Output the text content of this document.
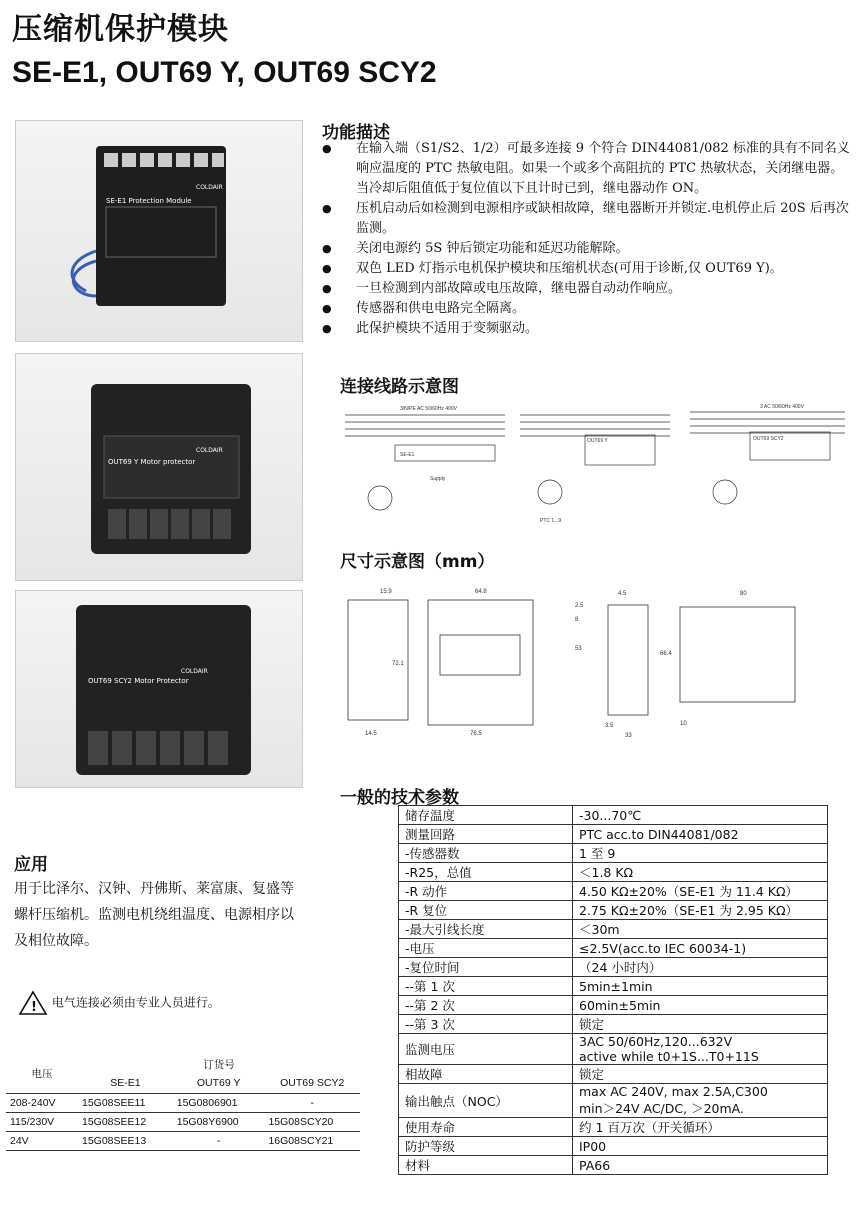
压缩机保护模块
SE-E1, OUT69 Y, OUT69 SCY2
COLDAIR
SE-E1 Protection Module
COLDAIR
OUT69 Y Motor protector
COLDAIR
OUT69 SCY2 Motor Protector
功能描述
● 在输入端（S1/S2、1/2）可最多连接 9 个符合 DIN44081/082 标准的具有不同名义响应温度的 PTC 热敏电阻。如果一个或多个高阻抗的 PTC 热敏状态，关闭继电器。当冷却后阻值低于复位值以下且计时已到，继电器动作 ON。
● 压机启动后如检测到电源相序或缺相故障，继电器断开并锁定.电机停止后 20S 后再次监测。
● 关闭电源约 5S 钟后锁定功能和延迟功能解除。
● 双色 LED 灯指示电机保护模块和压缩机状态(可用于诊断,仅 OUT69 Y)。
● 一旦检测到内部故障或电压故障，继电器自动动作响应。
● 传感器和供电电路完全隔离。
● 此保护模块不适用于变频驱动。
连接线路示意图
3/N/PE AC 50/60Hz 400V
OUT69 Y
3 AC 50/60Hz 400V
OUT69 SCY2
SE-E1
PTC 1...9
Supply
尺寸示意图（mm）
15.9	64.8
72.1
14.5	76.5
2.5
8
53
66.4
3.5
33
80
10
4.5
一般的技术参数
储存温度	-30...70℃

测量回路	PTC acc.to DIN44081/082

-传感器数	1 至 9

-R25，总值	＜1.8 KΩ

-R 动作	4.50 KΩ±20%（SE-E1 为 11.4 KΩ）

-R 复位	2.75 KΩ±20%（SE-E1 为 2.95 KΩ）

-最大引线长度	＜30m

-电压	≤2.5V(acc.to IEC 60034-1)

-复位时间	（24 小时内）

--第 1 次	5min±1min

--第 2 次	60min±5min

--第 3 次	锁定

监测电压	3AC 50/60Hz,120...632V
active while t0+1S...T0+11S

相故障	锁定

输出触点（NOC）	max AC 240V, max 2.5A,C300
min＞24V AC/DC, ＞20mA.

使用寿命	约 1 百万次（开关循环）

防护等级	IP00

材料	PA66
应用
用于比泽尔、汉钟、丹佛斯、莱富康、复盛等螺杆压缩机。监测电机绕组温度、电源相序以及相位故障。
! 电气连接必须由专业人员进行。
电压	订货号		
	SE-E1	OUT69 Y	OUT69 SCY2
208-240V	15G08SEE11	15G0806901	-
115/230V	15G08SEE12	15G08Y6900	15G08SCY20
24V	15G08SEE13	-	16G08SCY21
